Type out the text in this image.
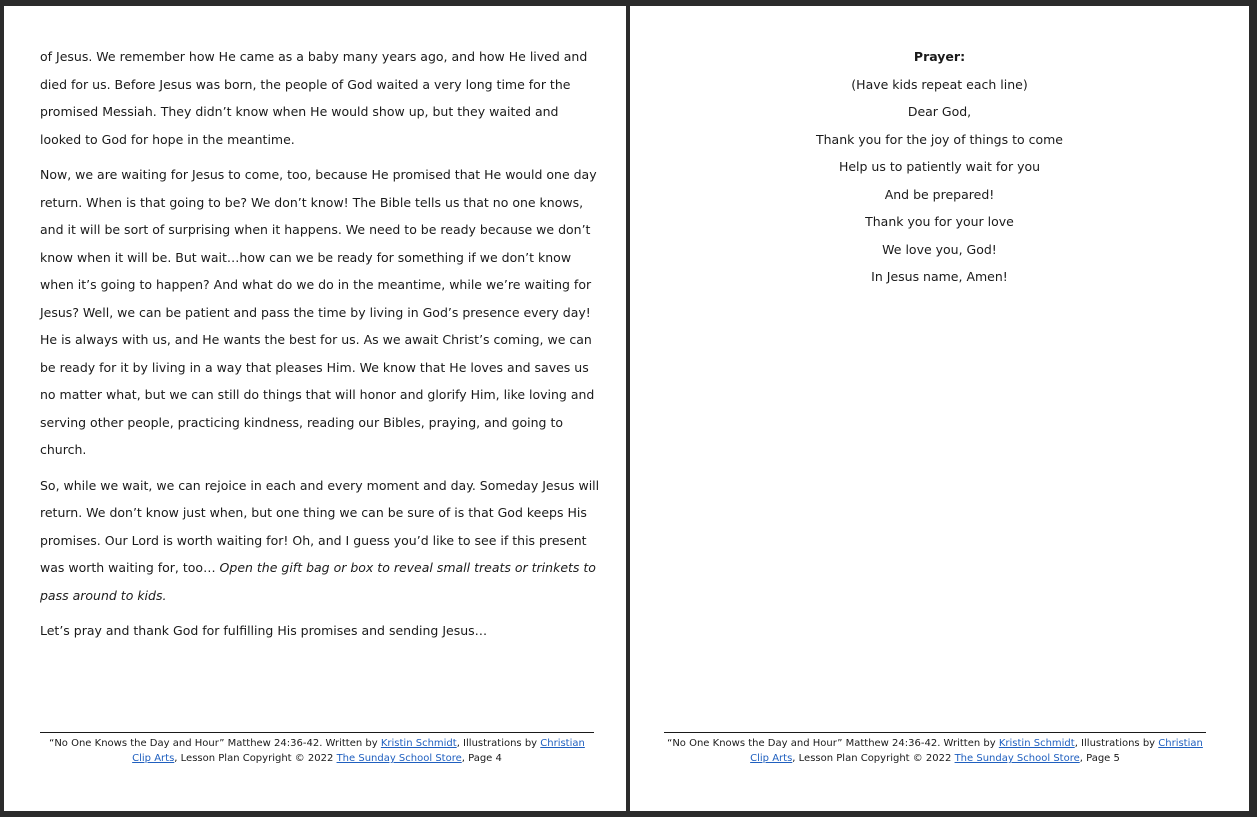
of Jesus. We remember how He came as a baby many years ago, and how He lived and died for us. Before Jesus was born, the people of God waited a very long time for the promised Messiah. They didn’t know when He would show up, but they waited and looked to God for hope in the meantime.

Now, we are waiting for Jesus to come, too, because He promised that He would one day return. When is that going to be? We don’t know! The Bible tells us that no one knows, and it will be sort of surprising when it happens. We need to be ready because we don’t know when it will be. But wait…how can we be ready for something if we don’t know when it’s going to happen? And what do we do in the meantime, while we’re waiting for Jesus? Well, we can be patient and pass the time by living in God’s presence every day! He is always with us, and He wants the best for us. As we await Christ’s coming, we can be ready for it by living in a way that pleases Him. We know that He loves and saves us no matter what, but we can still do things that will honor and glorify Him, like loving and serving other people, practicing kindness, reading our Bibles, praying, and going to church.

So, while we wait, we can rejoice in each and every moment and day. Someday Jesus will return. We don’t know just when, but one thing we can be sure of is that God keeps His promises. Our Lord is worth waiting for! Oh, and I guess you’d like to see if this present was worth waiting for, too… Open the gift bag or box to reveal small treats or trinkets to pass around to kids.

Let’s pray and thank God for fulfilling His promises and sending Jesus…

“No One Knows the Day and Hour” Matthew 24:36-42. Written by Kristin Schmidt, Illustrations by Christian Clip Arts, Lesson Plan Copyright © 2022 The Sunday School Store, Page 4
Prayer:
(Have kids repeat each line)
Dear God,
Thank you for the joy of things to come
Help us to patiently wait for you
And be prepared!
Thank you for your love
We love you, God!
In Jesus name, Amen!
“No One Knows the Day and Hour” Matthew 24:36-42. Written by Kristin Schmidt, Illustrations by Christian Clip Arts, Lesson Plan Copyright © 2022 The Sunday School Store, Page 5
